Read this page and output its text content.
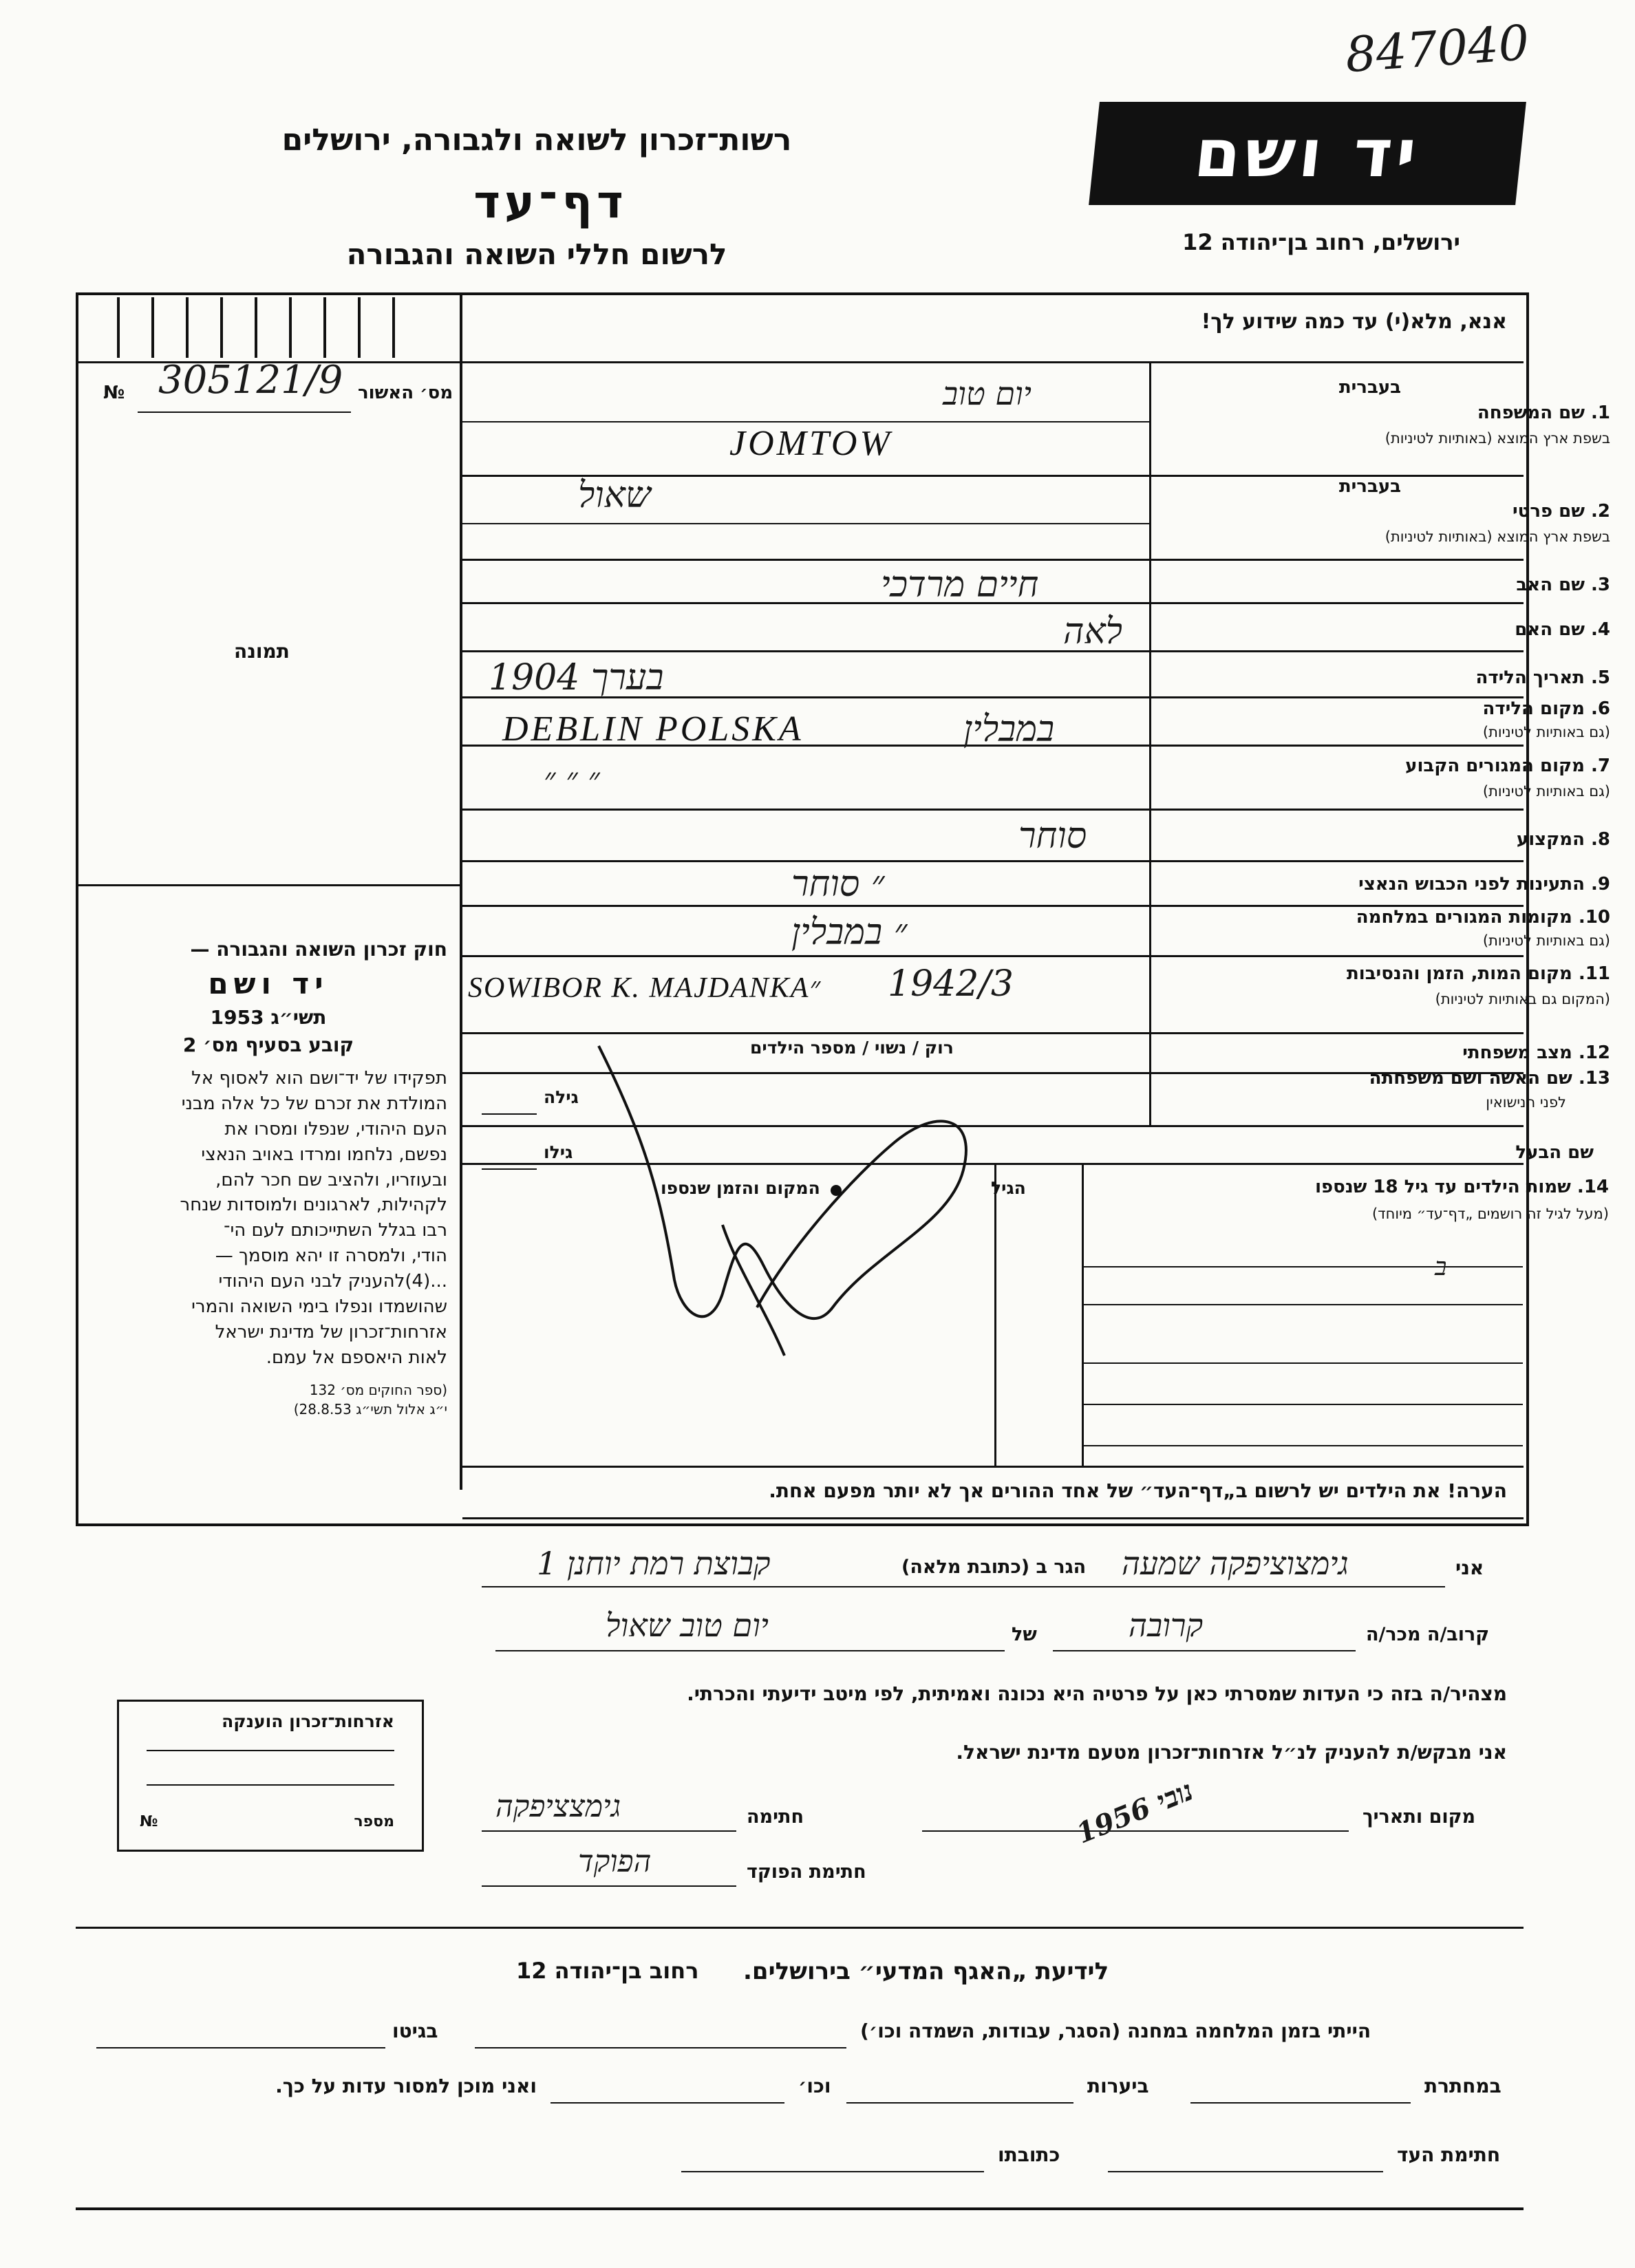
847040
רשות־זכרון לשואה ולגבורה, ירושלים
דף־עד
לרשום חללי השואה והגבורה
יד ושם
ירושלים, רחוב בן־יהודה 12
אנא, מלא(י) עד כמה שידוע לך!
305121/9 מס׳ האשור
№
תמונה
בעברית
1. שם המשפחה
בשפת ארץ המוצא (באותיות לטיניות)
בעברית
2. שם פרטי
בשפת ארץ המוצא (באותיות לטיניות)
3. שם האב
4. שם האם
5. תאריך הלידה
6. מקום הלידה
(גם באותיות לטיניות)
7. מקום המגורים הקבוע
(גם באותיות לטיניות)
8. המקצוע
9. התעינות לפני הכבוש הנאצי
10. מקומות המגורים במלחמה
(גם באותיות לטיניות)
11. מקום המות, הזמן והנסיבות
(המקום גם באותיות לטיניות)
12. מצב משפחתי
13. שם האשה ושם משפחתה
לפני הנישואין
שם הבעל
רוק / נשוי / מספר הילדים
גילה
גילו
יום טוב
JOMTOW
שאול
חיים מרדכי
לאה
בערך 1904
DEBLIN POLSKA	במבלין
״ ״ ״
סוחר
״ סוחר
״ במבלין
SOWIBOR K. MAJDANKA״ 1942/3
14. שמות הילדים עד גיל 18 שנספו
(מעל לגיל זה רושמים „דף־עד״ מיוחד)
הגיל
המקום והזמן שנספו
ב
הערה! את הילדים יש לרשום ב„דף־העד״ של אחד ההורים אך לא יותר מפעם אחת.
חוק זכרון השואה והגבורה —
יד ושם
תשי״ג 1953
קובע בסעיף מס׳ 2

תפקידו של יד־ושם הוא לאסוף אל

המולדת את זכרם של כל אלה מבני

העם היהודי, שנפלו ומסרו את

נפשם, נלחמו ומרדו באויב הנאצי

ובעוזריו, ולהציב שם חכר להם,

לקהילות, לארגונים ולמוסדות שנחר

רבו בגלל השתייכותם לעם הי־

הודי, ולמסרה זו יהא מוסמך —

...(4)להעניק לבני העם היהודי

שהושמדו ונפלו בימי השואה והמרי

אזרחות־זכרון של מדינת ישראל

לאות היאספם אל עמם.

(ספר החוקים מס׳ 132
י״ג אלול תשי״ג 28.8.53)
אני
גימצוציפקה שמעה
הגר ב (כתובת מלאה)
קבוצת רמת יוחנן 1
קרוב/ה מכר/ה
קרובה
של
יום טוב שאול
מצהיר/ה בזה כי העדות שמסרתי כאן על פרטיה היא נכונה ואמיתית, לפי מיטב ידיעתי והכרתי.
אני מבקש/ת להעניק לנ״ל אזרחות־זכרון מטעם מדינת ישראל.
מקום ותאריך
1956 נובי
חתימה
גימצציפקה
חתימת הפוקד
הפוקד
אזרחות־זכרון הוענקה
מספר
№
לידיעת „האגף המדעי״ בירושלים.
רחוב בן־יהודה 12
הייתי בזמן המלחמה במחנה (הסגר, עבודות, השמדה וכו׳)
בגיטו
במחתרת
ביערות
וכו׳
ואני מוכן למסור עדות על כך.
חתימת העד
כתובתו
